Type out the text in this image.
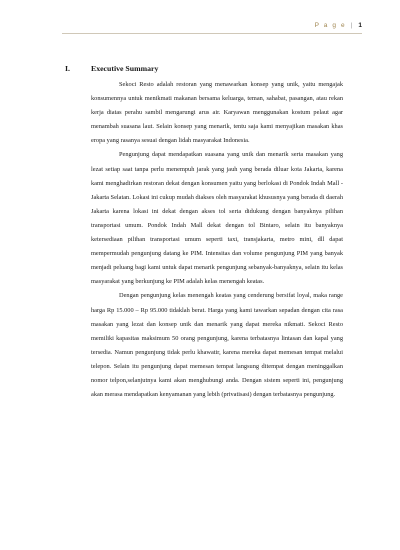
P a g e | 1
I.	Executive Summary

Sekoci Resto adalah restoran yang menawarkan konsep yang unik, yaitu mengajak konsumennya untuk menikmati makanan bersama keluarga, teman, sahabat, pasangan, atau rekan kerja diatas perahu sambil mengarungi arus air. Karyawan menggunakan kostum pelaut agar menambah suasana laut. Selain konsep yang menarik, tentu saja kami menyajikan masakan khas eropa yang rasanya sesuai dengan lidah masyarakat Indonesia.

Pengunjung dapat mendapatkan suasana yang unik dan menarik serta masakan yang lezat setiap saat tanpa perlu menempuh jarak yang jauh yang berada diluar kota Jakarta, karena kami menghadirkan restoran dekat dengan konsumen yaitu yang berlokasi di Pondok Indah Mall - Jakarta Selatan. Lokasi ini cukup mudah diakses oleh masyarakat khususnya yang berada di daerah Jakarta karena lokasi ini dekat dengan akses tol serta didukung dengan banyaknya pilihan transportasi umum. Pondok Indah Mall dekat dengan tol Bintaro, selain itu banyaknya ketersediaan pilihan transportasi umum seperti taxi, transjakarta, metro mini, dll dapat mempermudah pengunjung datang ke PIM. Intensitas dan volume pengunjung PIM yang banyak menjadi peluang bagi kami untuk dapat menarik pengunjung sebanyak-banyaknya, selain itu kelas masyarakat yang berkunjung ke PIM adalah kelas menengah keatas.

Dengan pengunjung kelas menengah keatas yang cenderung bersifat loyal, maka range harga Rp 15.000 – Rp 95.000 tidaklah berat. Harga yang kami tawarkan sepadan dengan cita rasa masakan yang lezat dan konsep unik dan menarik yang dapat mereka nikmati. Sekoci Resto memiliki kapasitas maksimum 50 orang pengunjung, karena terbatasnya lintasan dan kapal yang tersedia. Namun pengunjung tidak perlu khawatir, karena mereka dapat memesan tempat melalui telepon. Selain itu pengunjung dapat memesan tempat langsung ditempat dengan meninggalkan nomor telpon,selanjutnya kami akan menghubungi anda. Dengan sistem seperti ini, pengunjung akan merasa mendapatkan kenyamanan yang lebih (privatisasi) dengan terbatasnya pengunjung.
